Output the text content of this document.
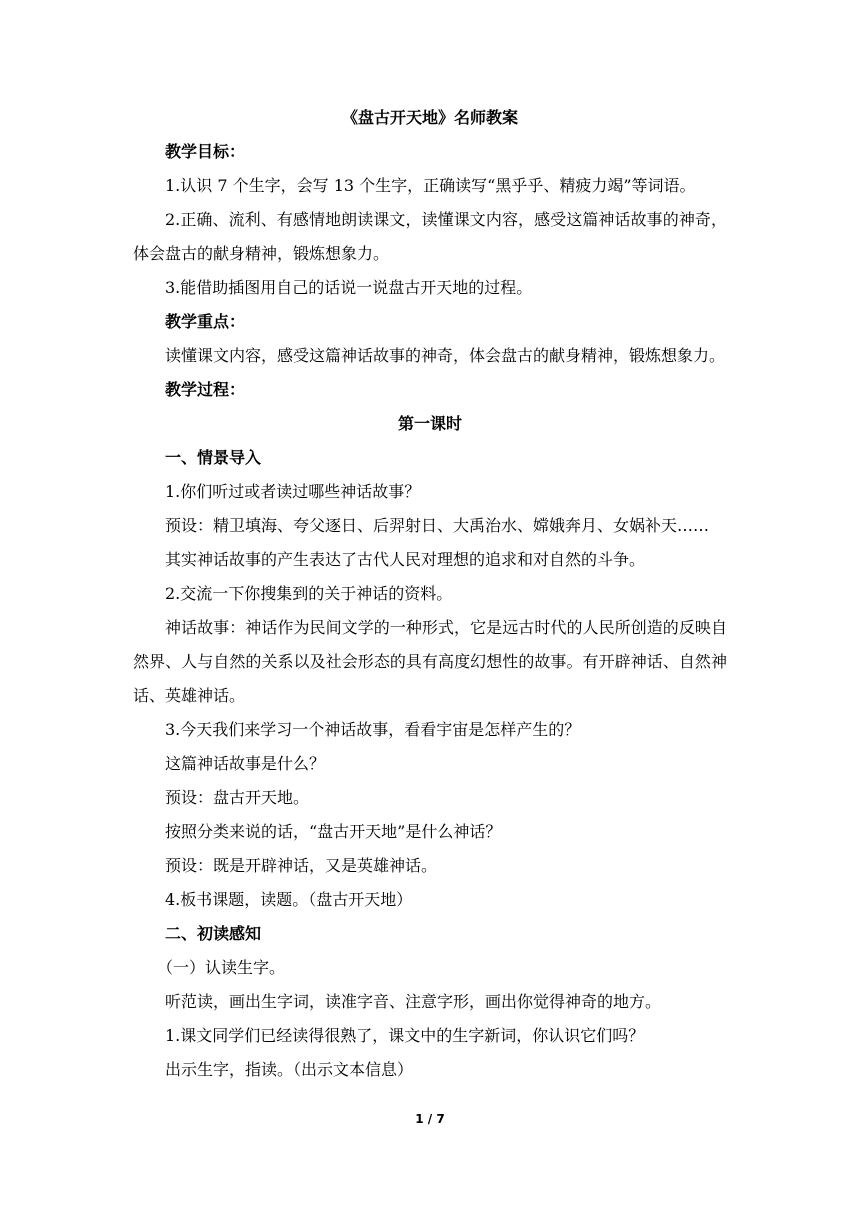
《盘古开天地》名师教案

教学目标：

1.认识 7 个生字，会写 13 个生字，正确读写“黑乎乎、精疲力竭”等词语。

2.正确、流利、有感情地朗读课文，读懂课文内容，感受这篇神话故事的神奇，体会盘古的献身精神，锻炼想象力。

3.能借助插图用自己的话说一说盘古开天地的过程。

教学重点：

读懂课文内容，感受这篇神话故事的神奇，体会盘古的献身精神，锻炼想象力。

教学过程：

第一课时

一、情景导入

1.你们听过或者读过哪些神话故事？

预设：精卫填海、夸父逐日、后羿射日、大禹治水、嫦娥奔月、女娲补天……

其实神话故事的产生表达了古代人民对理想的追求和对自然的斗争。

2.交流一下你搜集到的关于神话的资料。

神话故事：神话作为民间文学的一种形式，它是远古时代的人民所创造的反映自然界、人与自然的关系以及社会形态的具有高度幻想性的故事。有开辟神话、自然神话、英雄神话。

3.今天我们来学习一个神话故事，看看宇宙是怎样产生的？

这篇神话故事是什么？

预设：盘古开天地。

按照分类来说的话，“盘古开天地”是什么神话？

预设：既是开辟神话，又是英雄神话。

4.板书课题，读题。（盘古开天地）

二、初读感知

（一）认读生字。

听范读，画出生字词，读准字音、注意字形，画出你觉得神奇的地方。

1.课文同学们已经读得很熟了，课文中的生字新词，你认识它们吗？

出示生字，指读。（出示文本信息）

1 / 7
